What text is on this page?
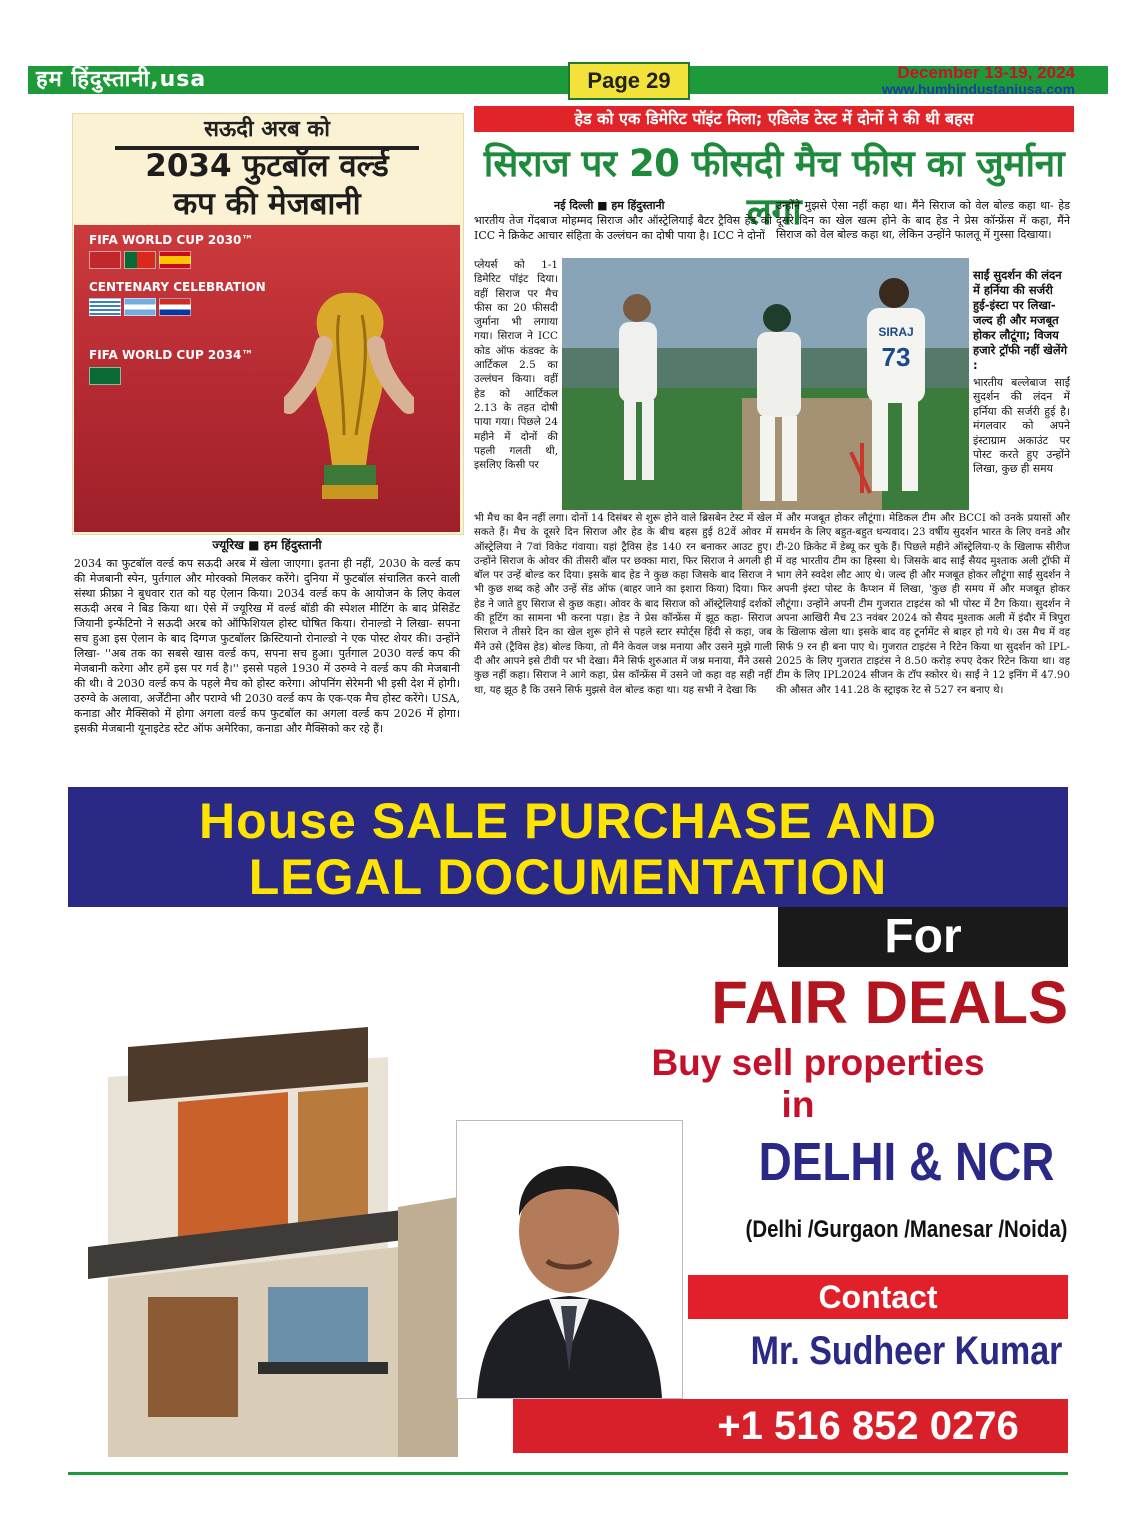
हम हिंदुस्तानी,usa	Page 29	December 13-19, 2024
www.humhindustaniusa.com
सऊदी अरब को
2034 फुटबॉल वर्ल्ड
कप की मेजबानी
FIFA WORLD CUP 2030™
CENTENARY CELEBRATION
FIFA WORLD CUP 2034™
ज्यूरिख ■ हम हिंदुस्तानी
2034 का फुटबॉल वर्ल्ड कप सऊदी अरब में खेला जाएगा। इतना ही नहीं, 2030 के वर्ल्ड कप की मेजबानी स्पेन, पुर्तगाल और मोरक्को मिलकर करेंगे। दुनिया में फुटबॉल संचालित करने वाली संस्था फ्रीफ्रा ने बुधवार रात को यह ऐलान किया। 2034 वर्ल्ड कप के आयोजन के लिए केवल सऊदी अरब ने बिड किया था। ऐसे में ज्यूरिख में वर्ल्ड बॉडी की स्पेशल मीटिंग के बाद प्रेसिडेंट जियानी इन्फेंटिनो ने सऊदी अरब को ऑफिशियल होस्ट घोषित किया। रोनाल्डो ने लिखा- सपना सच हुआ इस ऐलान के बाद दिग्गज फुटबॉलर क्रिस्टियानो रोनाल्डो ने एक पोस्ट शेयर की। उन्होंने लिखा- ''अब तक का सबसे खास वर्ल्ड कप, सपना सच हुआ। पुर्तगाल 2030 वर्ल्ड कप की मेजबानी करेगा और हमें इस पर गर्व है।'' इससे पहले 1930 में उरुग्वे ने वर्ल्ड कप की मेजबानी की थी। वे 2030 वर्ल्ड कप के पहले मैच को होस्ट करेगा। ओपनिंग सेरेमनी भी इसी देश में होगी। उरुग्वे के अलावा, अर्जेंटीना और पराग्वे भी 2030 वर्ल्ड कप के एक-एक मैच होस्ट करेंगे। USA, कनाडा और मैक्सिको में होगा अगला वर्ल्ड कप फुटबॉल का अगला वर्ल्ड कप 2026 में होगा। इसकी मेजबानी यूनाइटेड स्टेट ऑफ अमेरिका, कनाडा और मैक्सिको कर रहे हैं।
हेड को एक डिमेरिट पॉइंट मिला; एडिलेड टेस्ट में दोनों ने की थी बहस
सिराज पर 20 फीसदी मैच फीस का जुर्माना लगा
नई दिल्ली ■ हम हिंदुस्तानी
भारतीय तेज गेंदबाज मोहम्मद सिराज और ऑस्ट्रेलियाई बैटर ट्रैविस हेड को ICC ने क्रिकेट आचार संहिता के उल्लंघन का दोषी पाया है। ICC ने दोनों
प्लेयर्स को 1-1 डिमेरिट पॉइंट दिया। वहीं सिराज पर मैच फीस का 20 फीसदी जुर्माना भी लगाया गया। सिराज ने ICC कोड ऑफ कंडक्ट के आर्टिकल 2.5 का उल्लंघन किया। वहीं हेड को आर्टिकल 2.13 के तहत दोषी पाया गया। पिछले 24 महीने में दोनों की पहली गलती थी, इसलिए किसी पर
भी मैच का बैन नहीं लगा। दोनों 14 दिसंबर से शुरू होने वाले ब्रिसबेन टेस्ट में खेल सकते हैं। मैच के दूसरे दिन सिराज और हेड के बीच बहस हुई 82वें ओवर में ऑस्ट्रेलिया ने 7वां विकेट गंवाया। यहां ट्रैविस हेड 140 रन बनाकर आउट हुए। उन्होंने सिराज के ओवर की तीसरी बॉल पर छक्का मारा, फिर सिराज ने अगली ही बॉल पर उन्हें बोल्ड कर दिया। इसके बाद हेड ने कुछ कहा जिसके बाद सिराज ने भी कुछ शब्द कहे और उन्हें सेंड ऑफ (बाहर जाने का इशारा किया) दिया। फिर हेड ने जाते हुए सिराज से कुछ कहा। ओवर के बाद सिराज को ऑस्ट्रेलियाई दर्शकों की हूटिंग का सामना भी करना पड़ा। हेड ने प्रेस कॉन्फ्रेंस में झूठ कहा- सिराज सिराज ने तीसरे दिन का खेल शुरू होने से पहले स्टार स्पोर्ट्स हिंदी से कहा, जब मैंने उसे (ट्रैविस हेड) बोल्ड किया, तो मैंने केवल जश्न मनाया और उसने मुझे गाली दी और आपने इसे टीवी पर भी देखा। मैंने सिर्फ शुरुआत में जश्न मनाया, मैंने उससे कुछ नहीं कहा। सिराज ने आगे कहा, प्रेस कॉन्फ्रेंस में उसने जो कहा वह सही नहीं था, यह झूठ है कि उसने सिर्फ मुझसे वेल बोल्ड कहा था। यह सभी ने देखा कि
उन्होंने मुझसे ऐसा नहीं कहा था। मैंने सिराज को वेल बोल्ड कहा था- हेड दूसरे दिन का खेल खत्म होने के बाद हेड ने प्रेस कॉन्फ्रेंस में कहा, मैंने सिराज को वेल बोल्ड कहा था, लेकिन उन्होंने फालतू में गुस्सा दिखाया।
साईं सुदर्शन की लंदन में हर्निया की सर्जरी हुई-इंस्टा पर लिखा- जल्द ही और मजबूत होकर लौटूंगा; विजय हजारे ट्रॉफी नहीं खेलेंगे :
भारतीय बल्लेबाज साईं सुदर्शन की लंदन में हर्निया की सर्जरी हुई है। मंगलवार को अपने इंस्टाग्राम अकाउंट पर पोस्ट करते हुए उन्होंने लिखा, कुछ ही समय
में और मजबूत होकर लौटूंगा। मेडिकल टीम और BCCI को उनके प्रयासों और समर्थन के लिए बहुत-बहुत धन्यवाद। 23 वर्षीय सुदर्शन भारत के लिए वनडे और टी-20 क्रिकेट में डेब्यू कर चुके हैं। पिछले महीने ऑस्ट्रेलिया-ए के खिलाफ सीरीज में वह भारतीय टीम का हिस्सा थे। जिसके बाद साईं सैयद मुश्ताक अली ट्रॉफी में भाग लेने स्वदेश लौट आए थे। जल्द ही और मजबूत होकर लौटूंगा साईं सुदर्शन ने अपनी इंस्टा पोस्ट के कैप्शन में लिखा, 'कुछ ही समय में और मजबूत होकर लौटूंगा। उन्होंने अपनी टीम गुजरात टाइटंस को भी पोस्ट में टैग किया। सुदर्शन ने अपना आखिरी मैच 23 नवंबर 2024 को सैयद मुश्ताक अली में इंदौर में त्रिपुरा के खिलाफ खेला था। इसके बाद वह टूर्नामेंट से बाहर हो गये थे। उस मैच में वह सिर्फ 9 रन ही बना पाए थे। गुजरात टाइटंस ने रिटेन किया था सुदर्शन को IPL-2025 के लिए गुजरात टाइटंस ने 8.50 करोड़ रुपए देकर रिटेन किया था। वह टीम के लिए IPL2024 सीजन के टॉप स्कोरर थे। साईं ने 12 इनिंग में 47.90 की औसत और 141.28 के स्ट्राइक रेट से 527 रन बनाए थे।
SIRAJ
73
House SALE PURCHASE AND
LEGAL DOCUMENTATION
For
FAIR DEALS
Buy sell properties
in
DELHI & NCR
(Delhi /Gurgaon /Manesar /Noida)
Contact
Mr. Sudheer Kumar
+1 516 852 0276
